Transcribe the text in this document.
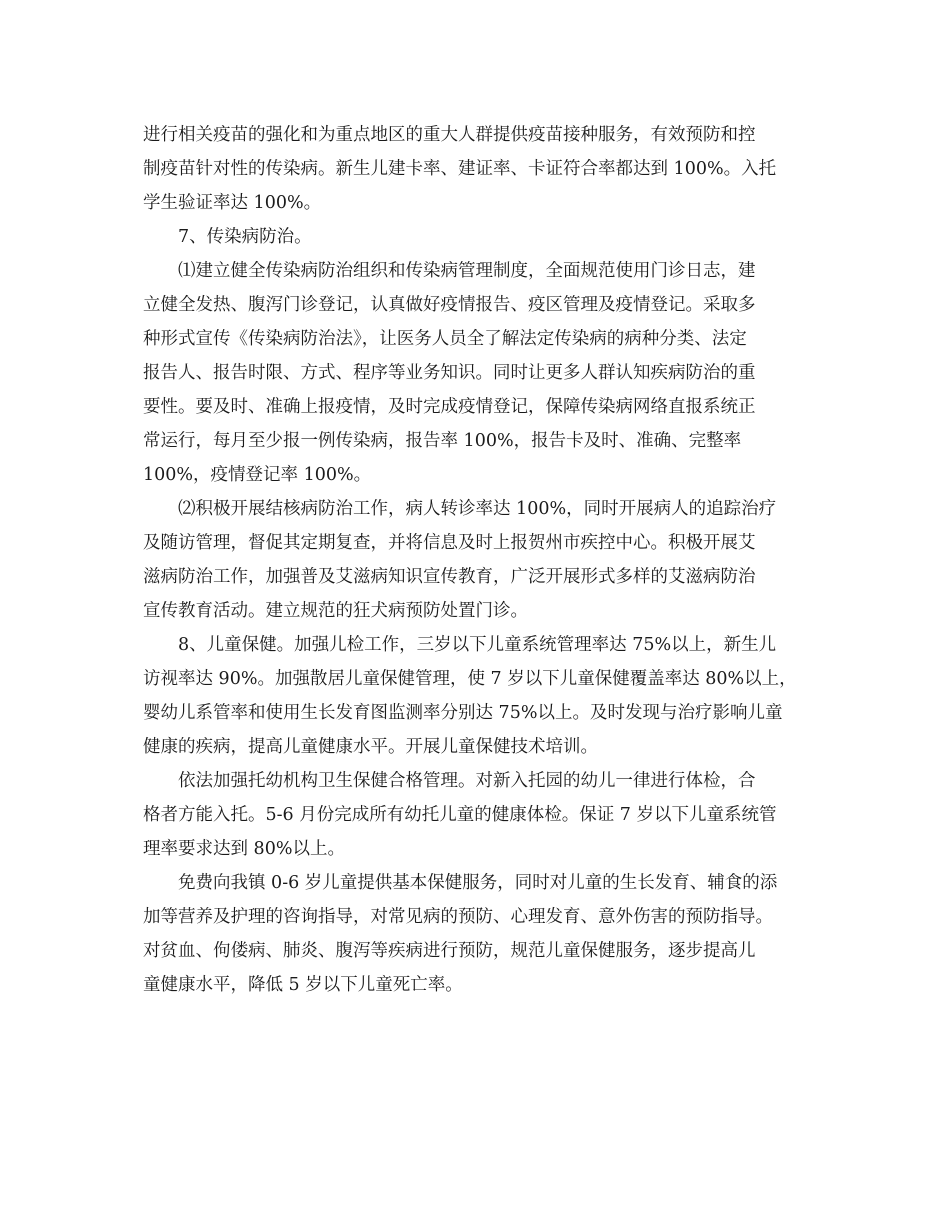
进行相关疫苗的强化和为重点地区的重大人群提供疫苗接种服务，有效预防和控
制疫苗针对性的传染病。新生儿建卡率、建证率、卡证符合率都达到 100%。入托
学生验证率达 100%。
7、传染病防治。
⑴建立健全传染病防治组织和传染病管理制度，全面规范使用门诊日志，建
立健全发热、腹泻门诊登记，认真做好疫情报告、疫区管理及疫情登记。采取多
种形式宣传《传染病防治法》，让医务人员全了解法定传染病的病种分类、法定
报告人、报告时限、方式、程序等业务知识。同时让更多人群认知疾病防治的重
要性。要及时、准确上报疫情，及时完成疫情登记，保障传染病网络直报系统正
常运行，每月至少报一例传染病，报告率 100%，报告卡及时、准确、完整率
100%，疫情登记率 100%。
⑵积极开展结核病防治工作，病人转诊率达 100%，同时开展病人的追踪治疗
及随访管理，督促其定期复查，并将信息及时上报贺州市疾控中心。积极开展艾
滋病防治工作，加强普及艾滋病知识宣传教育，广泛开展形式多样的艾滋病防治
宣传教育活动。建立规范的狂犬病预防处置门诊。
8、儿童保健。加强儿检工作，三岁以下儿童系统管理率达 75%以上，新生儿
访视率达 90%。加强散居儿童保健管理，使 7 岁以下儿童保健覆盖率达 80%以上，
婴幼儿系管率和使用生长发育图监测率分别达 75%以上。及时发现与治疗影响儿童
健康的疾病，提高儿童健康水平。开展儿童保健技术培训。
依法加强托幼机构卫生保健合格管理。对新入托园的幼儿一律进行体检，合
格者方能入托。5-6 月份完成所有幼托儿童的健康体检。保证 7 岁以下儿童系统管
理率要求达到 80%以上。
免费向我镇 0-6 岁儿童提供基本保健服务，同时对儿童的生长发育、辅食的添
加等营养及护理的咨询指导，对常见病的预防、心理发育、意外伤害的预防指导。
对贫血、佝偻病、肺炎、腹泻等疾病进行预防，规范儿童保健服务，逐步提高儿
童健康水平，降低 5 岁以下儿童死亡率。
